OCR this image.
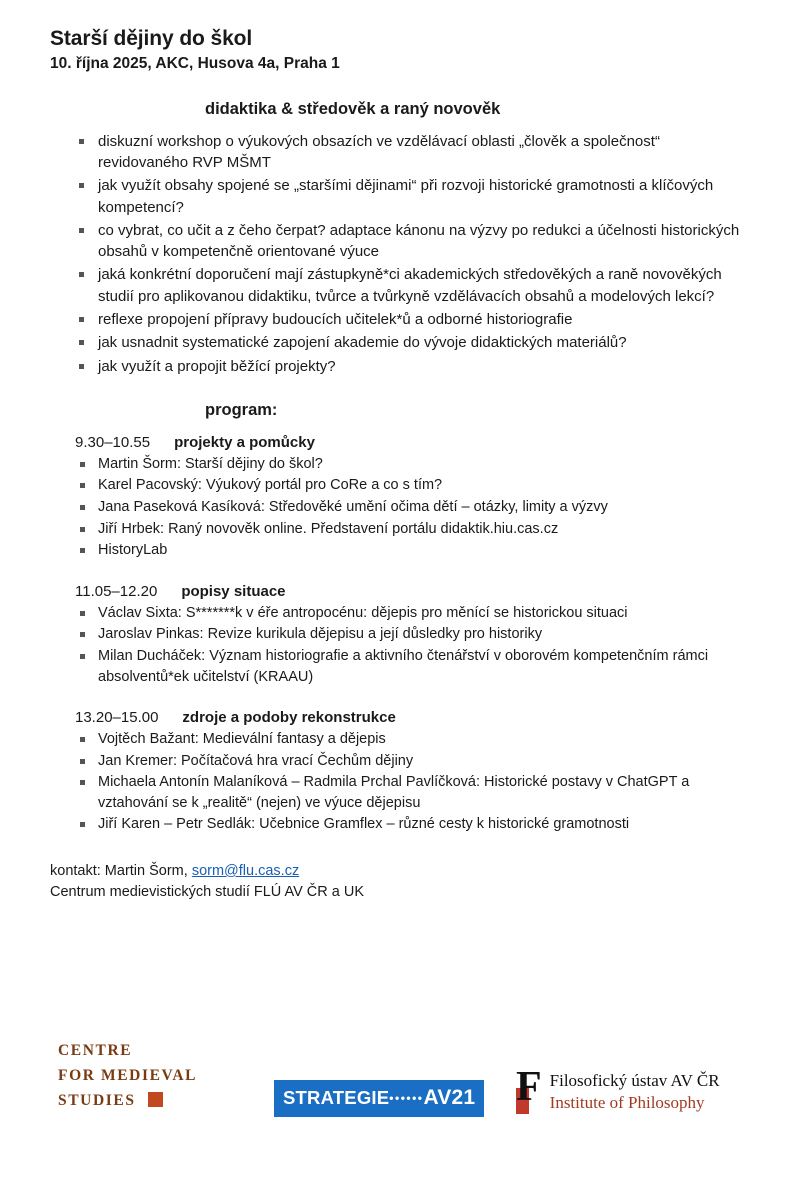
Starší dějiny do škol
10. října 2025, AKC, Husova 4a, Praha 1
didaktika & středověk a raný novověk
diskuzní workshop o výukových obsazích ve vzdělávací oblasti „člověk a společnost“ revidovaného RVP MŠMT
jak využít obsahy spojené se „staršími dějinami“ při rozvoji historické gramotnosti a klíčových kompetencí?
co vybrat, co učit a z čeho čerpat? adaptace kánonu na výzvy po redukci a účelnosti historických obsahů v kompetenčně orientované výuce
jaká konkrétní doporučení mají zástupkyně*ci akademických středověkých a raně novověkých studií pro aplikovanou didaktiku, tvůrce a tvůrkyně vzdělávacích obsahů a modelových lekcí?
reflexe propojení přípravy budoucích učitelek*ů a odborné historiografie
jak usnadnit systematické zapojení akademie do vývoje didaktických materiálů?
jak využít a propojit běžící projekty?
program:
9.30–10.55 projekty a pomůcky
Martin Šorm: Starší dějiny do škol?
Karel Pacovský: Výukový portál pro CoRe a co s tím?
Jana Paseková Kasíková: Středověké umění očima dětí – otázky, limity a výzvy
Jiří Hrbek: Raný novověk online. Představení portálu didaktik.hiu.cas.cz
HistoryLab
11.05–12.20 popisy situace
Václav Sixta: S*******k v éře antropocénu: dějepis pro měnící se historickou situaci
Jaroslav Pinkas: Revize kurikula dějepisu a její důsledky pro historiky
Milan Ducháček: Význam historiografie a aktivního čtenářství v oborovém kompetenčním rámci absolventů*ek učitelství (KRAAU)
13.20–15.00 zdroje a podoby rekonstrukce
Vojtěch Bažant: Medievální fantasy a dějepis
Jan Kremer: Počítačová hra vrací Čechům dějiny
Michaela Antonín Malaníková – Radmila Prchal Pavlíčková: Historické postavy v ChatGPT a vztahování se k „realitě“ (nejen) ve výuce dějepisu
Jiří Karen – Petr Sedlák: Učebnice Gramflex – různé cesty k historické gramotnosti
kontakt: Martin Šorm, sorm@flu.cas.cz
Centrum medievistických studií FLÚ AV ČR a UK
CENTRE
FOR MEDIEVAL
STUDIES	STRATEGIE••••••AV21 F Filosofický ústav AV ČR
Institute of Philosophy
